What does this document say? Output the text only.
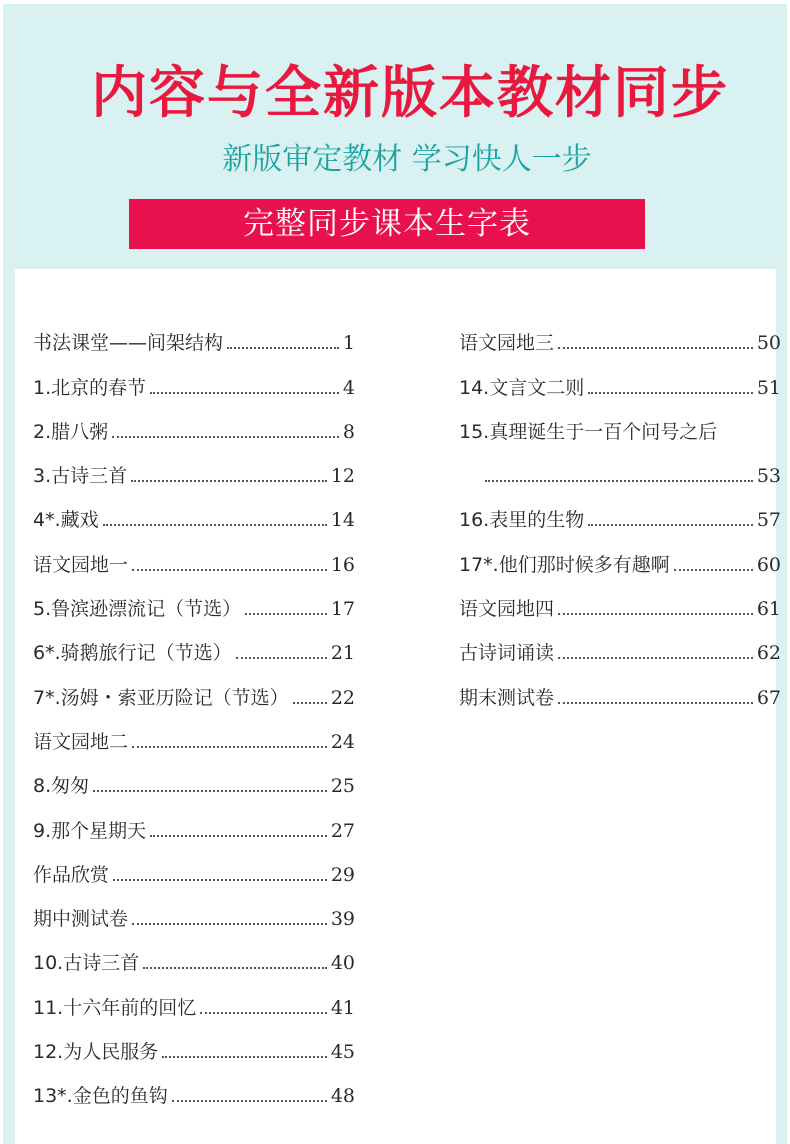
内容与全新版本教材同步
新版审定教材 学习快人一步
完整同步课本生字表
书法课堂——间架结构	1
1.北京的春节	4
2.腊八粥	8
3.古诗三首	12
4*.藏戏	14
语文园地一	16
5.鲁滨逊漂流记（节选）	17
6*.骑鹅旅行记（节选）	21
7*.汤姆・索亚历险记（节选） 22
语文园地二	24
8.匆匆	25
9.那个星期天	27
作品欣赏	29
期中测试卷	39
10.古诗三首	40
11.十六年前的回忆	41
12.为人民服务	45
13*.金色的鱼钩	48
语文园地三	50
14.文言文二则	51
15.真理诞生于一百个问号之后
53
16.表里的生物	57
17*.他们那时候多有趣啊	60
语文园地四	61
古诗词诵读	62
期末测试卷	67
